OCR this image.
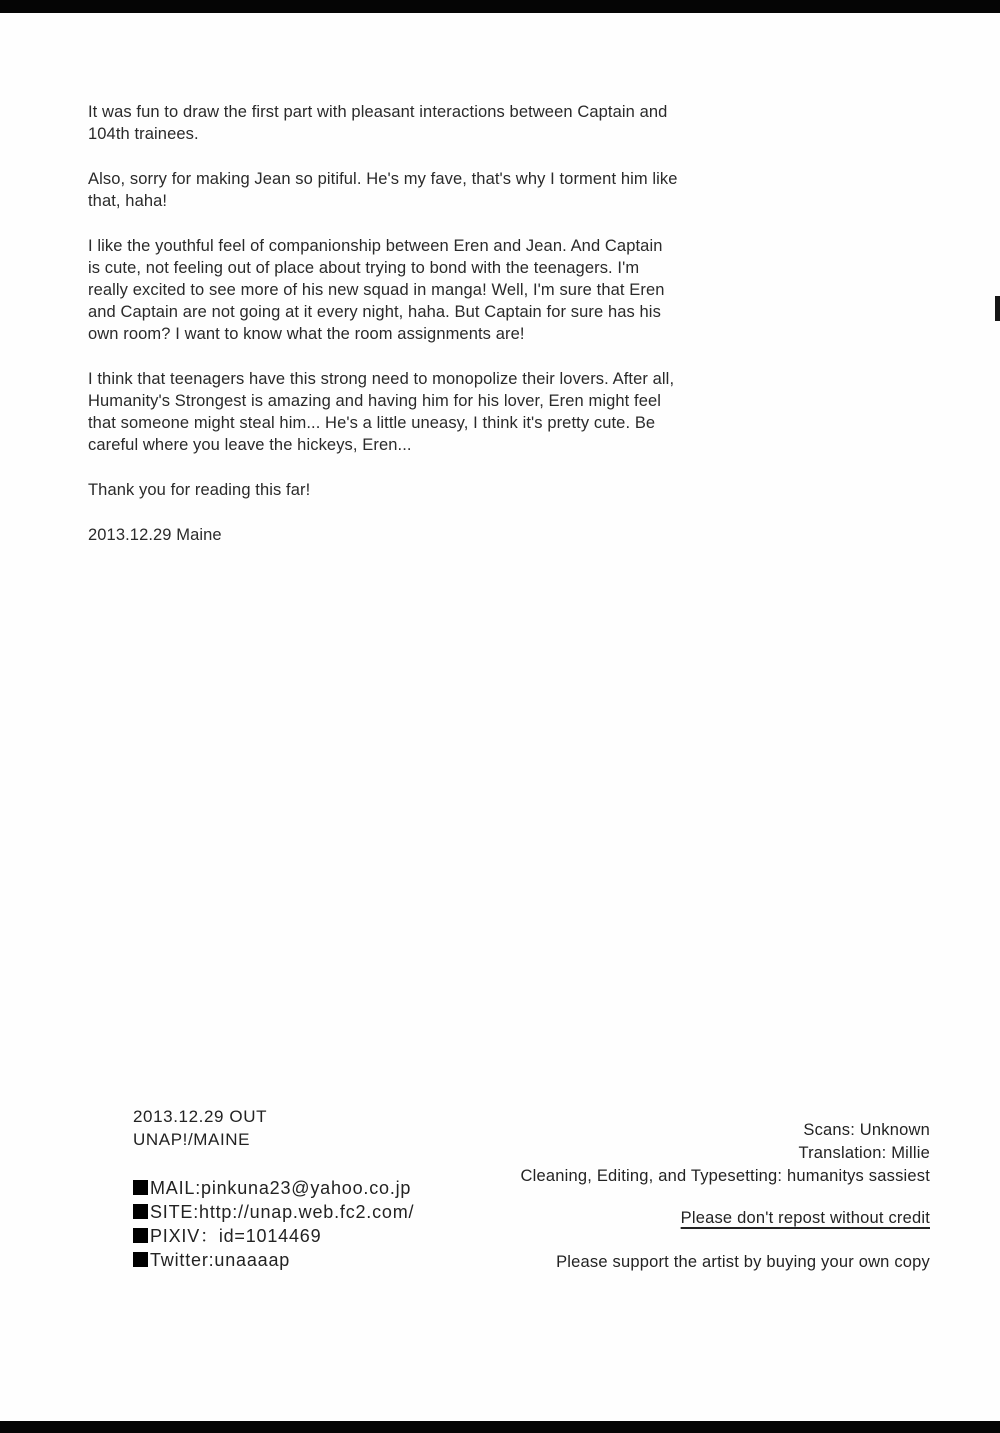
It was fun to draw the first part with pleasant interactions between Captain and
104th trainees.
Also, sorry for making Jean so pitiful. He's my fave, that's why I torment him like
that, haha!
I like the youthful feel of companionship between Eren and Jean. And Captain
is cute, not feeling out of place about trying to bond with the teenagers. I'm
really excited to see more of his new squad in manga! Well, I'm sure that Eren
and Captain are not going at it every night, haha. But Captain for sure has his
own room? I want to know what the room assignments are!
I think that teenagers have this strong need to monopolize their lovers. After all,
Humanity's Strongest is amazing and having him for his lover, Eren might feel
that someone might steal him... He's a little uneasy, I think it's pretty cute. Be
careful where you leave the hickeys, Eren...
Thank you for reading this far!
2013.12.29 Maine
2013.12.29 OUT
UNAP!/MAINE
MAIL:pinkuna23@yahoo.co.jp
SITE:http://unap.web.fc2.com/
PIXIV：id=1014469
Twitter:unaaaap
Scans: Unknown
Translation: Millie
Cleaning, Editing, and Typesetting: humanitys sassiest
Please don't repost without credit
Please support the artist by buying your own copy
